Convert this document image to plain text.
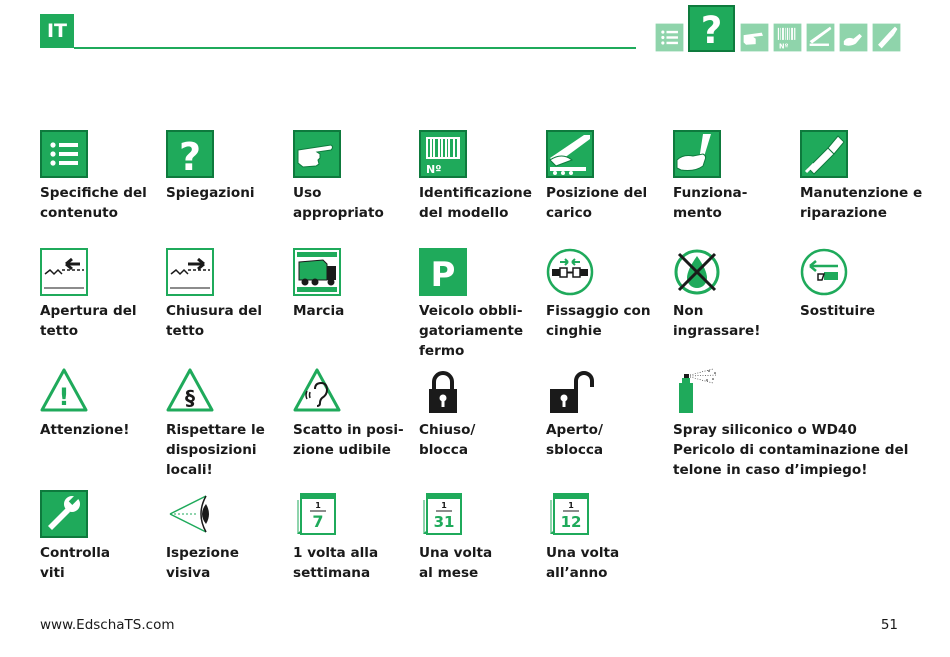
IT	?	Nº
Specifiche del
contenuto
?
Spiegazioni	Uso
appropriato
Nº
Identificazione
del modello
Posizione del
carico
Funziona-
mento
Manutenzione e
riparazione
Apertura del
tetto
Chiusura del
tetto
Marcia
P
Veicolo obbli-
gatoriamente
fermo
Fissaggio con
cinghie
Non
ingrassare!
Sostituire
!
Attenzione!
§
Rispettare le
disposizioni
locali!
Scatto in posi-
zione udibile
Chiuso/
blocca
Aperto/
sblocca
Spray siliconico o WD40
Pericolo di contaminazione del
telone in caso d’impiego!
Controlla
viti
Ispezione
visiva
1
7
1 volta alla
settimana
1
31
Una volta
al mese
1
12
Una volta
all’anno
www.EdschaTS.com	51
